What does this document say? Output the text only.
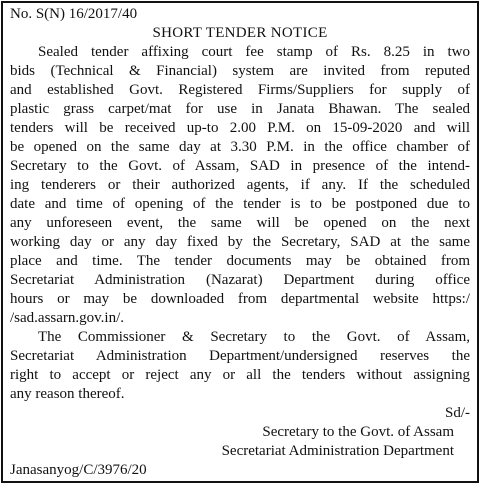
No. S(N) 16/2017/40

SHORT TENDER NOTICE

Sealed tender affixing court fee stamp of Rs. 8.25 in two
bids (Technical & Financial) system are invited from reputed
and established Govt. Registered Firms/Suppliers for supply of
plastic grass carpet/mat for use in Janata Bhawan. The sealed
tenders will be received up-to 2.00 P.M. on 15-09-2020 and will
be opened on the same day at 3.30 P.M. in the office chamber of
Secretary to the Govt. of Assam, SAD in presence of the intend-
ing tenderers or their authorized agents, if any. If the scheduled
date and time of opening of the tender is to be postponed due to
any unforeseen event, the same will be opened on the next
working day or any day fixed by the Secretary, SAD at the same
place and time. The tender documents may be obtained from
Secretariat Administration (Nazarat) Department during office
hours or may be downloaded from departmental website https:/
/sad.assarn.gov.in/.

The Commissioner & Secretary to the Govt. of Assam,
Secretariat Administration Department/undersigned reserves the
right to accept or reject any or all the tenders without assigning
any reason thereof.

Sd/-

Secretary to the Govt. of Assam
Secretariat Administration Department

Janasanyog/C/3976/20
